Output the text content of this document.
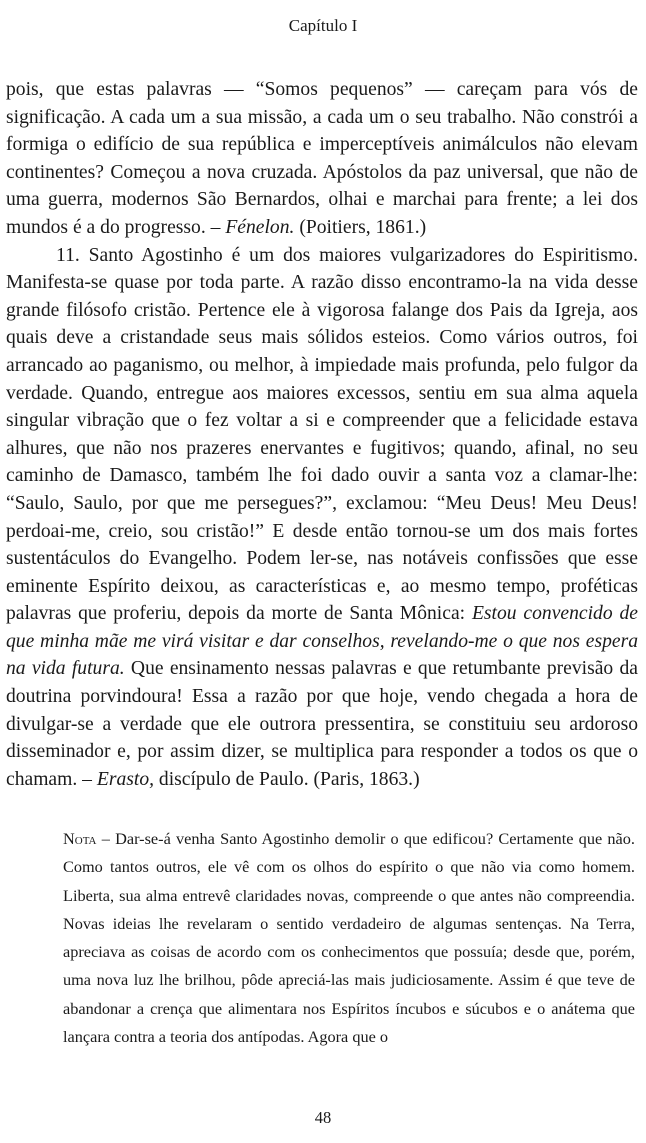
Capítulo I

pois, que estas palavras — “Somos pequenos” — careçam para vós de significação. A cada um a sua missão, a cada um o seu trabalho. Não constrói a formiga o edifício de sua república e imperceptíveis animálculos não elevam continentes? Começou a nova cruzada. Apóstolos da paz universal, que não de uma guerra, modernos São Bernardos, olhai e marchai para frente; a lei dos mundos é a do progresso. – Fénelon. (Poitiers, 1861.)

11. Santo Agostinho é um dos maiores vulgarizadores do Espiritismo. Manifesta-se quase por toda parte. A razão disso encontramo-la na vida desse grande filósofo cristão. Pertence ele à vigorosa falange dos Pais da Igreja, aos quais deve a cristandade seus mais sólidos esteios. Como vários outros, foi arrancado ao paganismo, ou melhor, à impiedade mais profunda, pelo fulgor da verdade. Quando, entregue aos maiores excessos, sentiu em sua alma aquela singular vibração que o fez voltar a si e compreender que a felicidade estava alhures, que não nos prazeres enervantes e fugitivos; quando, afinal, no seu caminho de Damasco, também lhe foi dado ouvir a santa voz a clamar-lhe: “Saulo, Saulo, por que me persegues?”, exclamou: “Meu Deus! Meu Deus! perdoai-me, creio, sou cristão!” E desde então tornou-se um dos mais fortes sustentáculos do Evangelho. Podem ler-se, nas notáveis confissões que esse eminente Espírito deixou, as características e, ao mesmo tempo, proféticas palavras que proferiu, depois da morte de Santa Mônica: Estou convencido de que minha mãe me virá visitar e dar conselhos, revelando-me o que nos espera na vida futura. Que ensinamento nessas palavras e que retumbante previsão da doutrina porvindoura! Essa a razão por que hoje, vendo chegada a hora de divulgar-se a verdade que ele outrora pressentira, se constituiu seu ardoroso disseminador e, por assim dizer, se multiplica para responder a todos os que o chamam. – Erasto, discípulo de Paulo. (Paris, 1863.)

Nota – Dar-se-á venha Santo Agostinho demolir o que edificou? Certamente que não. Como tantos outros, ele vê com os olhos do espírito o que não via como homem. Liberta, sua alma entrevê claridades novas, compreende o que antes não compreendia. Novas ideias lhe revelaram o sentido verdadeiro de algumas sentenças. Na Terra, apreciava as coisas de acordo com os conhecimentos que possuía; desde que, porém, uma nova luz lhe brilhou, pôde apreciá-las mais judiciosamente. Assim é que teve de abandonar a crença que alimentara nos Espíritos íncubos e súcubos e o anátema que lançara contra a teoria dos antípodas. Agora que o

48
